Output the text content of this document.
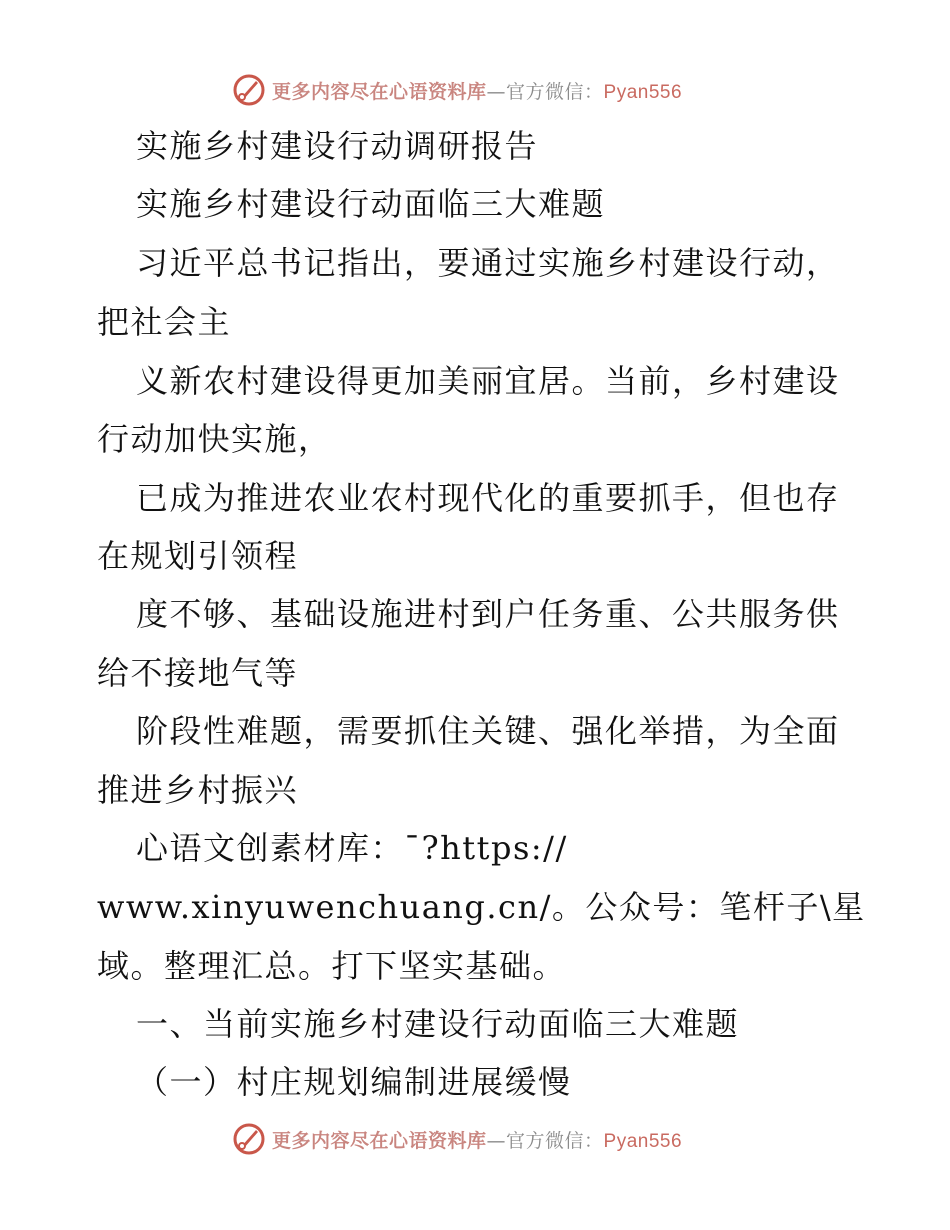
更多内容尽在心语资料库—官方微信：Pyan556

实施乡村建设行动调研报告

实施乡村建设行动面临三大难题

习近平总书记指出，要通过实施乡村建设行动，

把社会主

义新农村建设得更加美丽宜居。当前，乡村建设

行动加快实施，

已成为推进农业农村现代化的重要抓手，但也存

在规划引领程

度不够、基础设施进村到户任务重、公共服务供

给不接地气等

阶段性难题，需要抓住关键、强化举措，为全面

推进乡村振兴

心语文创素材库：¯?https://

www.xinyuwenchuang.cn/。公众号：笔杆子\星

域。整理汇总。打下坚实基础。

一、当前实施乡村建设行动面临三大难题

（一）村庄规划编制进展缓慢

更多内容尽在心语资料库—官方微信：Pyan556
